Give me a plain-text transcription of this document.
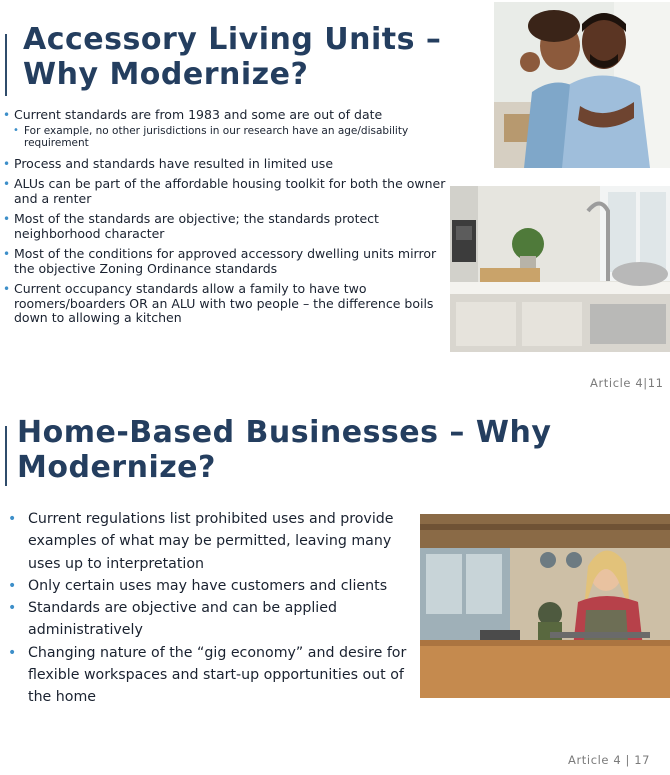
Accessory Living Units –
Why Modernize?
• Current standards are from 1983 and some are out of date
• For example, no other jurisdictions in our research have an age/disability requirement
• Process and standards have resulted in limited use
• ALUs can be part of the affordable housing toolkit for both the owner and a renter
• Most of the standards are objective; the standards protect neighborhood character
• Most of the conditions for approved accessory dwelling units mirror the objective Zoning Ordinance standards
• Current occupancy standards allow a family to have two roomers/boarders OR an ALU with two people – the difference boils down to allowing a kitchen
Article 4|11
Home-Based Businesses – Why
Modernize?
• Current regulations list prohibited uses and provide examples of what may be permitted, leaving many uses up to interpretation
• Only certain uses may have customers and clients
• Standards are objective and can be applied administratively
• Changing nature of the “gig economy” and desire for flexible workspaces and start-up opportunities out of the home
Article 4 | 17
